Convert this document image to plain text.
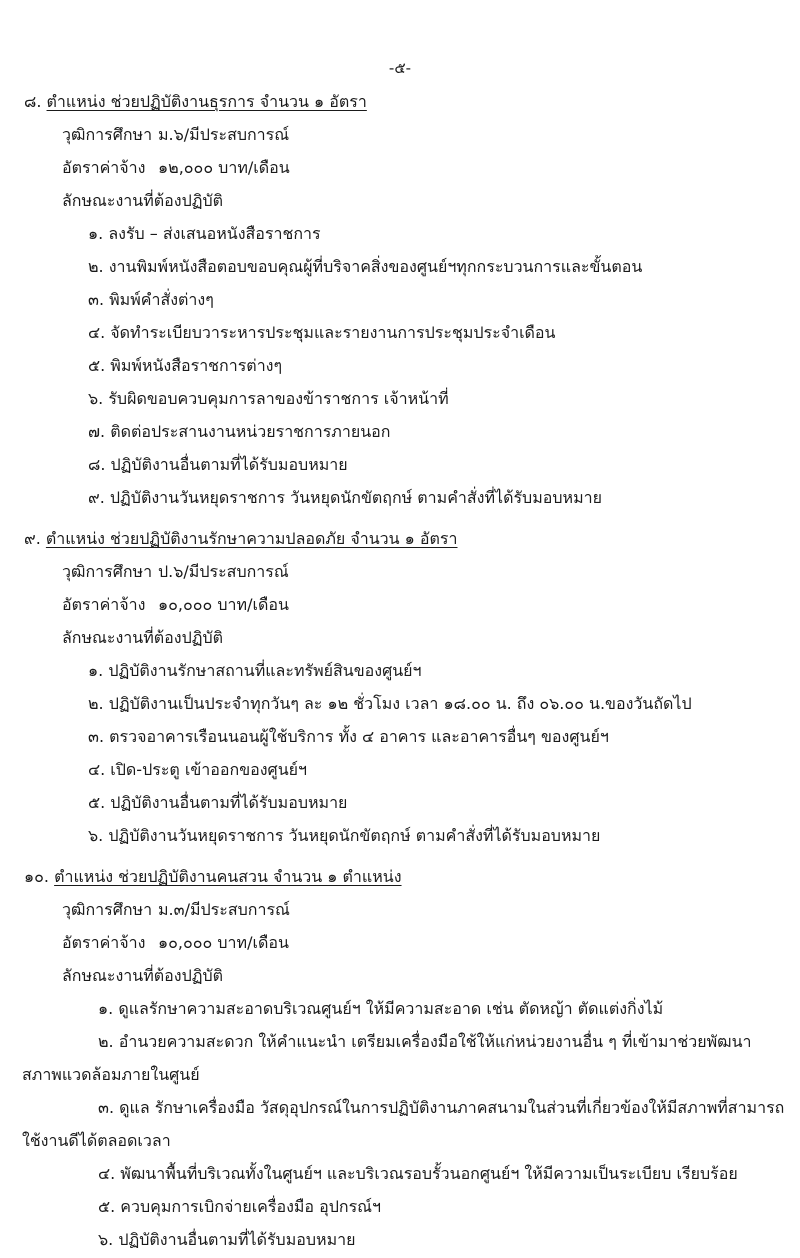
-๕-
๘. ตำแหน่ง ช่วยปฏิบัติงานธุรการ จำนวน ๑ อัตรา
วุฒิการศึกษา ม.๖/มีประสบการณ์
อัตราค่าจ้าง ๑๒,๐๐๐ บาท/เดือน
ลักษณะงานที่ต้องปฏิบัติ
๑. ลงรับ – ส่งเสนอหนังสือราชการ
๒. งานพิมพ์หนังสือตอบขอบคุณผู้ที่บริจาคสิ่งของศูนย์ฯทุกกระบวนการและขั้นตอน
๓. พิมพ์คำสั่งต่างๆ
๔. จัดทำระเบียบวาระหารประชุมและรายงานการประชุมประจำเดือน
๕. พิมพ์หนังสือราชการต่างๆ
๖. รับผิดขอบควบคุมการลาของข้าราชการ เจ้าหน้าที่
๗. ติดต่อประสานงานหน่วยราชการภายนอก
๘. ปฏิบัติงานอื่นตามที่ได้รับมอบหมาย
๙. ปฏิบัติงานวันหยุดราชการ วันหยุดนักขัตฤกษ์ ตามคำสั่งที่ได้รับมอบหมาย
๙. ตำแหน่ง ช่วยปฏิบัติงานรักษาความปลอดภัย จำนวน ๑ อัตรา
วุฒิการศึกษา ป.๖/มีประสบการณ์
อัตราค่าจ้าง ๑๐,๐๐๐ บาท/เดือน
ลักษณะงานที่ต้องปฏิบัติ
๑. ปฏิบัติงานรักษาสถานที่และทรัพย์สินของศูนย์ฯ
๒. ปฏิบัติงานเป็นประจำทุกวันๆ ละ ๑๒ ชั่วโมง เวลา ๑๘.๐๐ น. ถึง ๐๖.๐๐ น.ของวันถัดไป
๓. ตรวจอาคารเรือนนอนผู้ใช้บริการ ทั้ง ๔ อาคาร และอาคารอื่นๆ ของศูนย์ฯ
๔. เปิด-ประตู เข้าออกของศูนย์ฯ
๕. ปฏิบัติงานอื่นตามที่ได้รับมอบหมาย
๖. ปฏิบัติงานวันหยุดราชการ วันหยุดนักขัตฤกษ์ ตามคำสั่งที่ได้รับมอบหมาย
๑๐. ตำแหน่ง ช่วยปฏิบัติงานคนสวน จำนวน ๑ ตำแหน่ง
วุฒิการศึกษา ม.๓/มีประสบการณ์
อัตราค่าจ้าง ๑๐,๐๐๐ บาท/เดือน
ลักษณะงานที่ต้องปฏิบัติ
๑. ดูแลรักษาความสะอาดบริเวณศูนย์ฯ ให้มีความสะอาด เช่น ตัดหญ้า ตัดแต่งกิ่งไม้
๒. อำนวยความสะดวก ให้คำแนะนำ เตรียมเครื่องมือใช้ให้แก่หน่วยงานอื่น ๆ ที่เข้ามาช่วยพัฒนา
สภาพแวดล้อมภายในศูนย์
๓. ดูแล รักษาเครื่องมือ วัสดุอุปกรณ์ในการปฏิบัติงานภาคสนามในส่วนที่เกี่ยวข้องให้มีสภาพที่สามารถ
ใช้งานดีได้ตลอดเวลา
๔. พัฒนาพื้นที่บริเวณทั้งในศูนย์ฯ และบริเวณรอบรั้วนอกศูนย์ฯ ให้มีความเป็นระเบียบ เรียบร้อย
๕. ควบคุมการเบิกจ่ายเครื่องมือ อุปกรณ์ฯ
๖. ปฏิบัติงานอื่นตามที่ได้รับมอบหมาย
